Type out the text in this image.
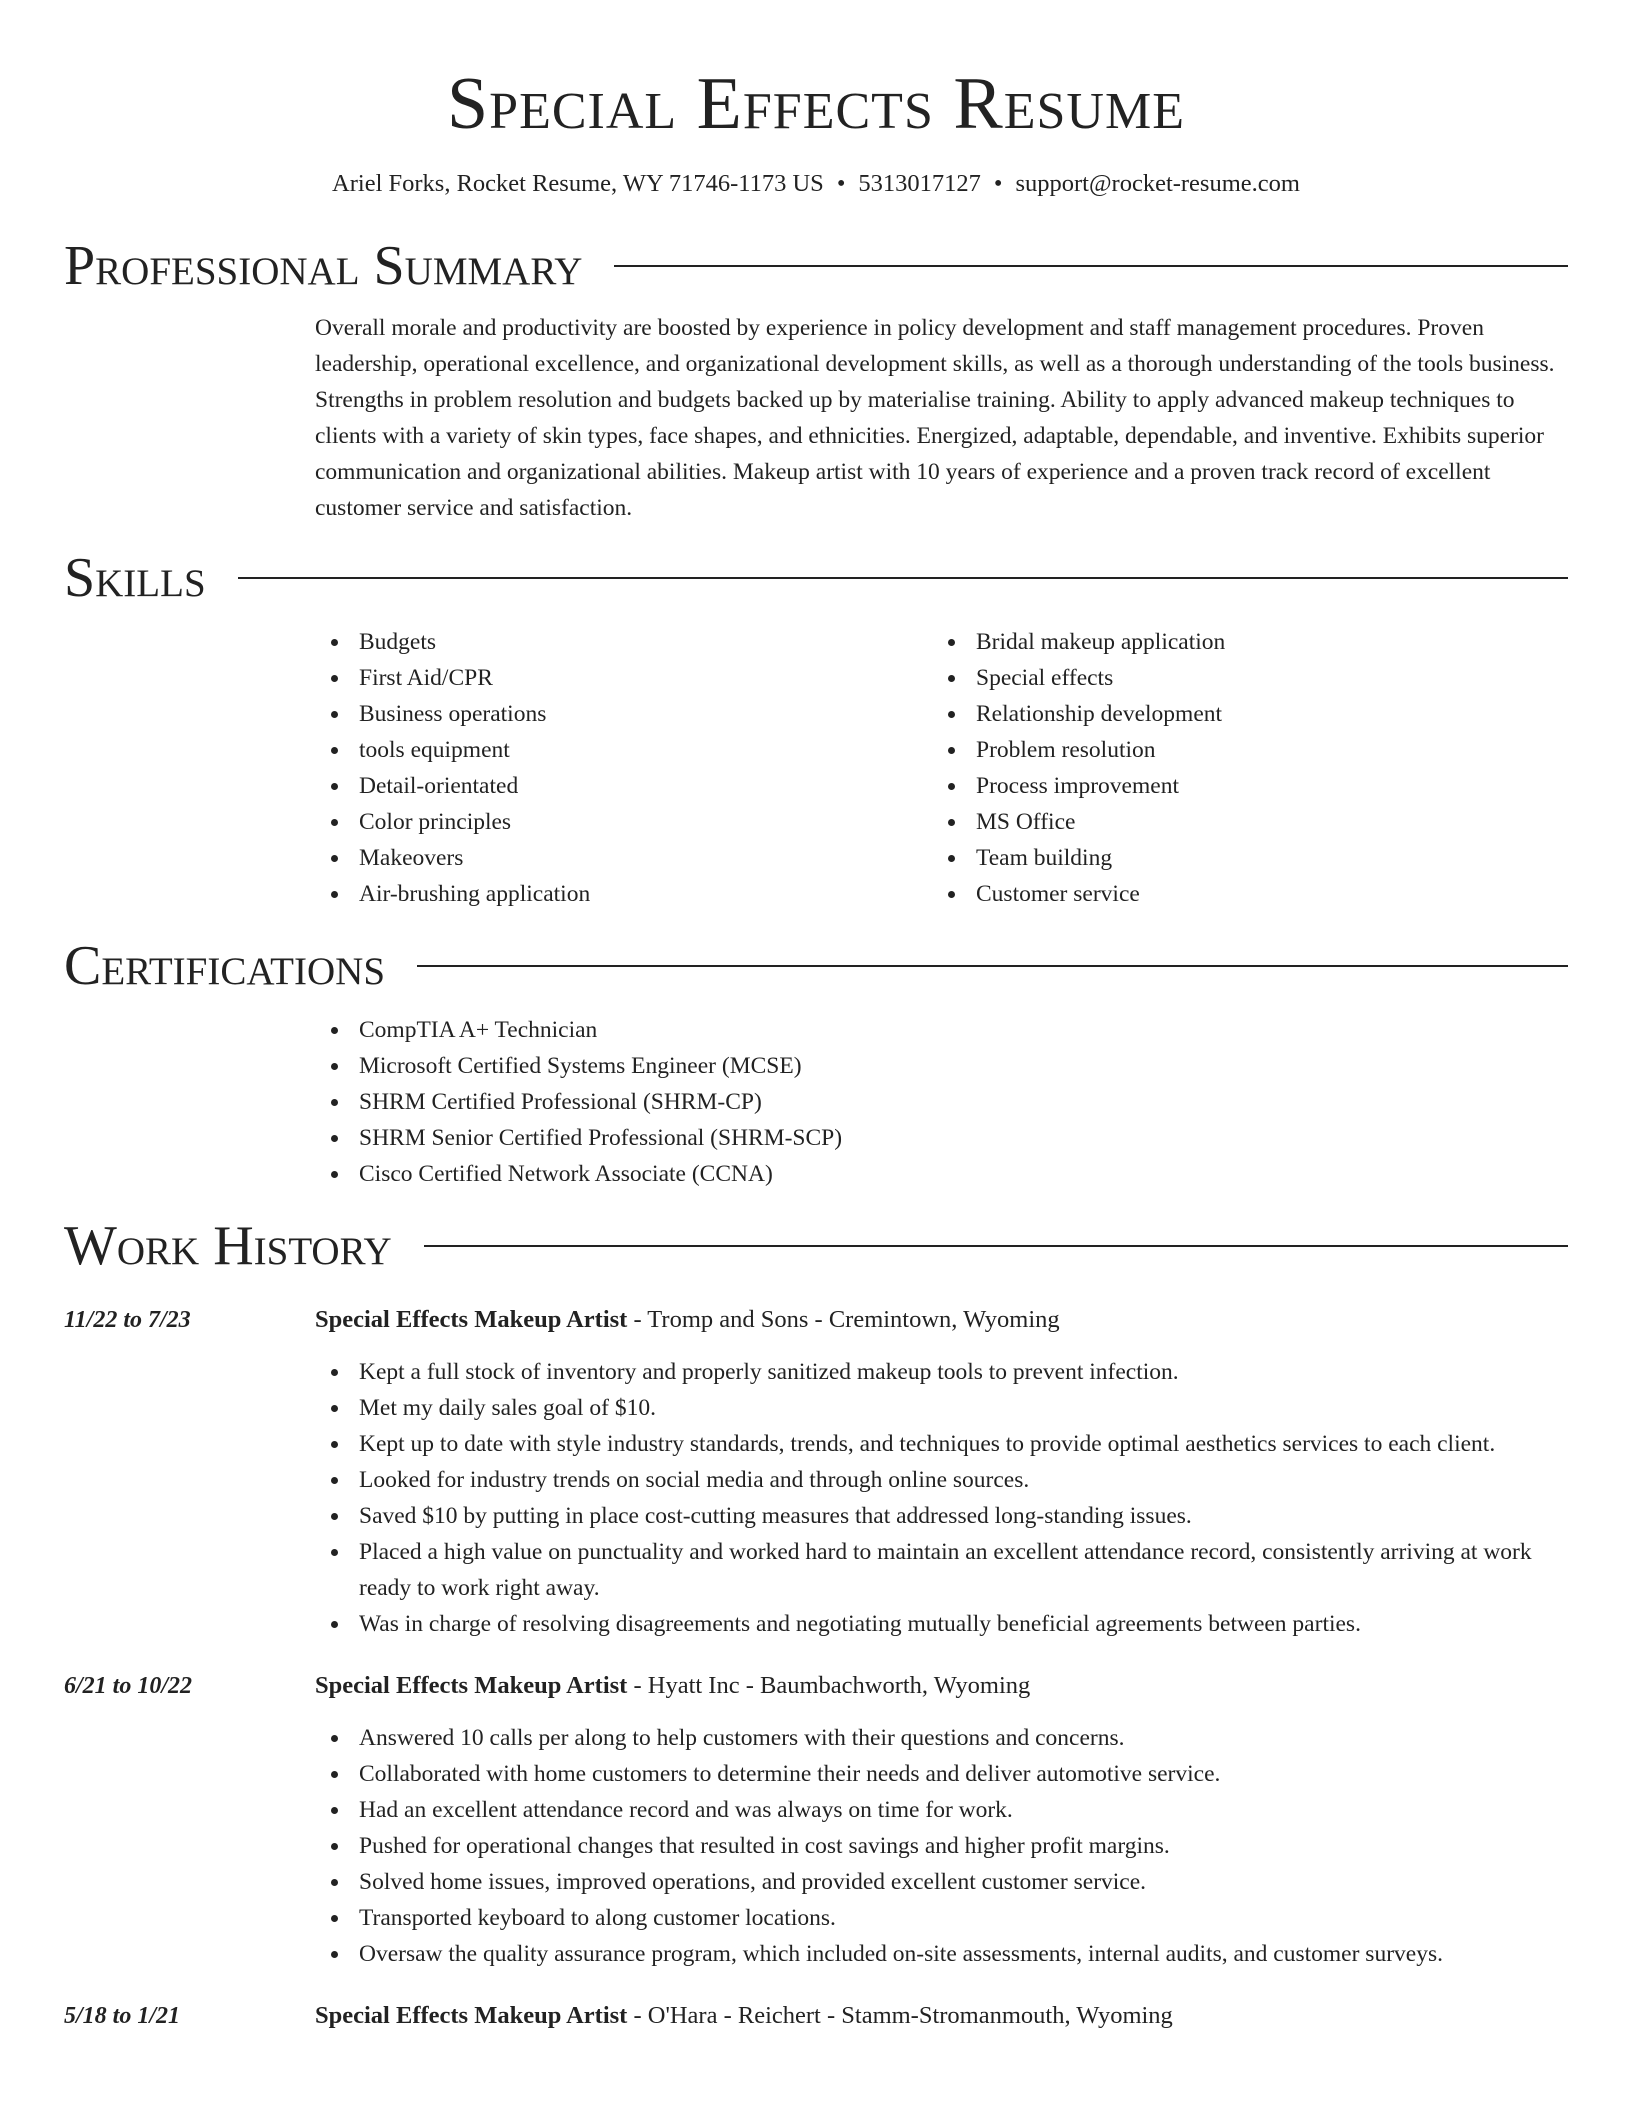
Special Effects Resume
Ariel Forks, Rocket Resume, WY 71746-1173 US • 5313017127 • support@rocket-resume.com
Professional Summary
Overall morale and productivity are boosted by experience in policy development and staff management procedures. Proven leadership, operational excellence, and organizational development skills, as well as a thorough understanding of the tools business. Strengths in problem resolution and budgets backed up by materialise training. Ability to apply advanced makeup techniques to clients with a variety of skin types, face shapes, and ethnicities. Energized, adaptable, dependable, and inventive. Exhibits superior communication and organizational abilities. Makeup artist with 10 years of experience and a proven track record of excellent customer service and satisfaction.
Skills
Budgets
First Aid/CPR
Business operations
tools equipment
Detail-orientated
Color principles
Makeovers
Air-brushing application
Bridal makeup application
Special effects
Relationship development
Problem resolution
Process improvement
MS Office
Team building
Customer service
Certifications
CompTIA A+ Technician
Microsoft Certified Systems Engineer (MCSE)
SHRM Certified Professional (SHRM-CP)
SHRM Senior Certified Professional (SHRM-SCP)
Cisco Certified Network Associate (CCNA)
Work History
11/22 to 7/23	Special Effects Makeup Artist - Tromp and Sons - Cremintown, Wyoming
Kept a full stock of inventory and properly sanitized makeup tools to prevent infection.
Met my daily sales goal of $10.
Kept up to date with style industry standards, trends, and techniques to provide optimal aesthetics services to each client.
Looked for industry trends on social media and through online sources.
Saved $10 by putting in place cost-cutting measures that addressed long-standing issues.
Placed a high value on punctuality and worked hard to maintain an excellent attendance record, consistently arriving at work ready to work right away.
Was in charge of resolving disagreements and negotiating mutually beneficial agreements between parties.
6/21 to 10/22	Special Effects Makeup Artist - Hyatt Inc - Baumbachworth, Wyoming
Answered 10 calls per along to help customers with their questions and concerns.
Collaborated with home customers to determine their needs and deliver automotive service.
Had an excellent attendance record and was always on time for work.
Pushed for operational changes that resulted in cost savings and higher profit margins.
Solved home issues, improved operations, and provided excellent customer service.
Transported keyboard to along customer locations.
Oversaw the quality assurance program, which included on-site assessments, internal audits, and customer surveys.
5/18 to 1/21	Special Effects Makeup Artist - O'Hara - Reichert - Stamm-Stromanmouth, Wyoming
